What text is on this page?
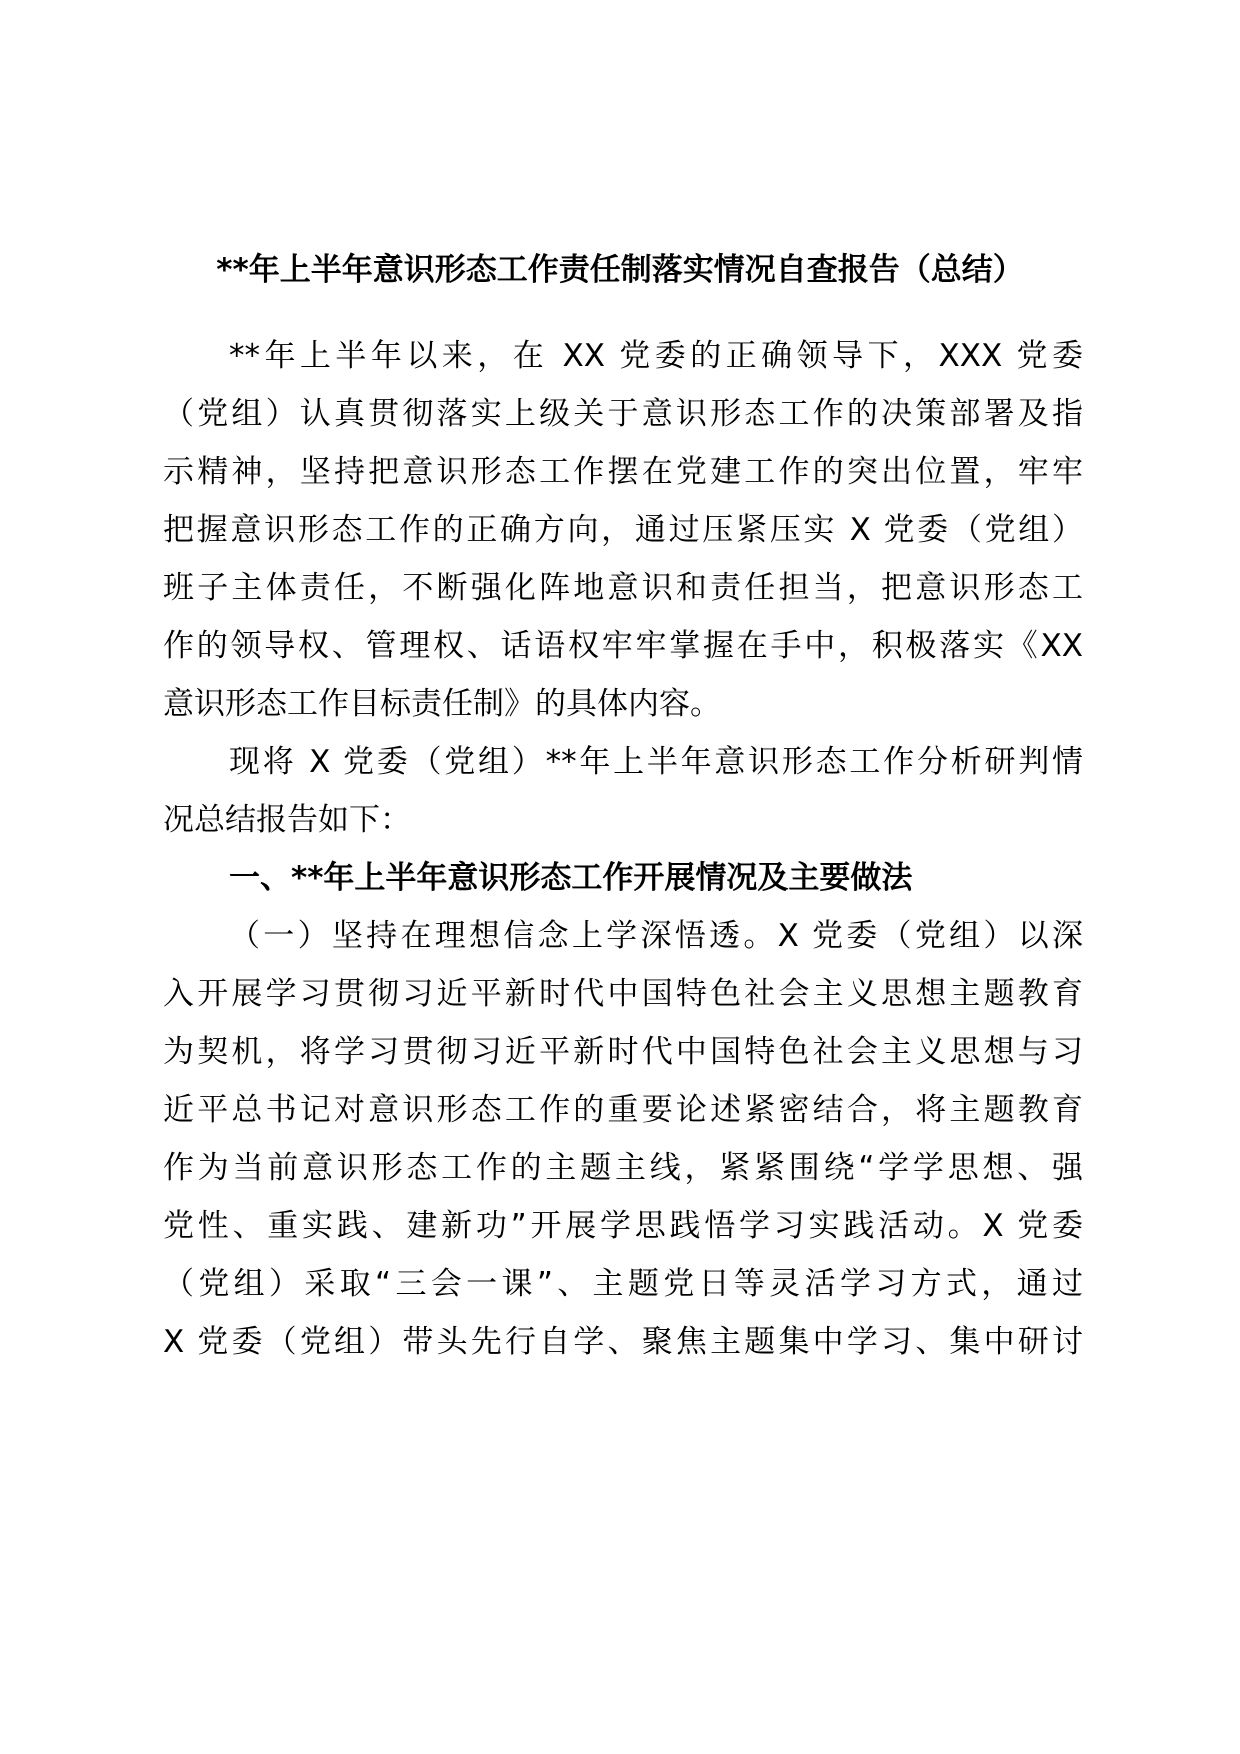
**年上半年意识形态工作责任制落实情况自查报告（总结）
**年上半年以来，在 XX 党委的正确领导下，XXX 党委
（党组）认真贯彻落实上级关于意识形态工作的决策部署及指
示精神，坚持把意识形态工作摆在党建工作的突出位置，牢牢
把握意识形态工作的正确方向，通过压紧压实 X 党委（党组）
班子主体责任，不断强化阵地意识和责任担当，把意识形态工
作的领导权、管理权、话语权牢牢掌握在手中，积极落实《XX
意识形态工作目标责任制》的具体内容。
现将 X 党委（党组）**年上半年意识形态工作分析研判情
况总结报告如下：
一、**年上半年意识形态工作开展情况及主要做法
（一）坚持在理想信念上学深悟透。X 党委（党组）以深
入开展学习贯彻习近平新时代中国特色社会主义思想主题教育
为契机，将学习贯彻习近平新时代中国特色社会主义思想与习
近平总书记对意识形态工作的重要论述紧密结合，将主题教育
作为当前意识形态工作的主题主线，紧紧围绕“学学思想、强
党性、重实践、建新功”开展学思践悟学习实践活动。X 党委
（党组）采取“三会一课”、主题党日等灵活学习方式，通过
X 党委（党组）带头先行自学、聚焦主题集中学习、集中研讨
